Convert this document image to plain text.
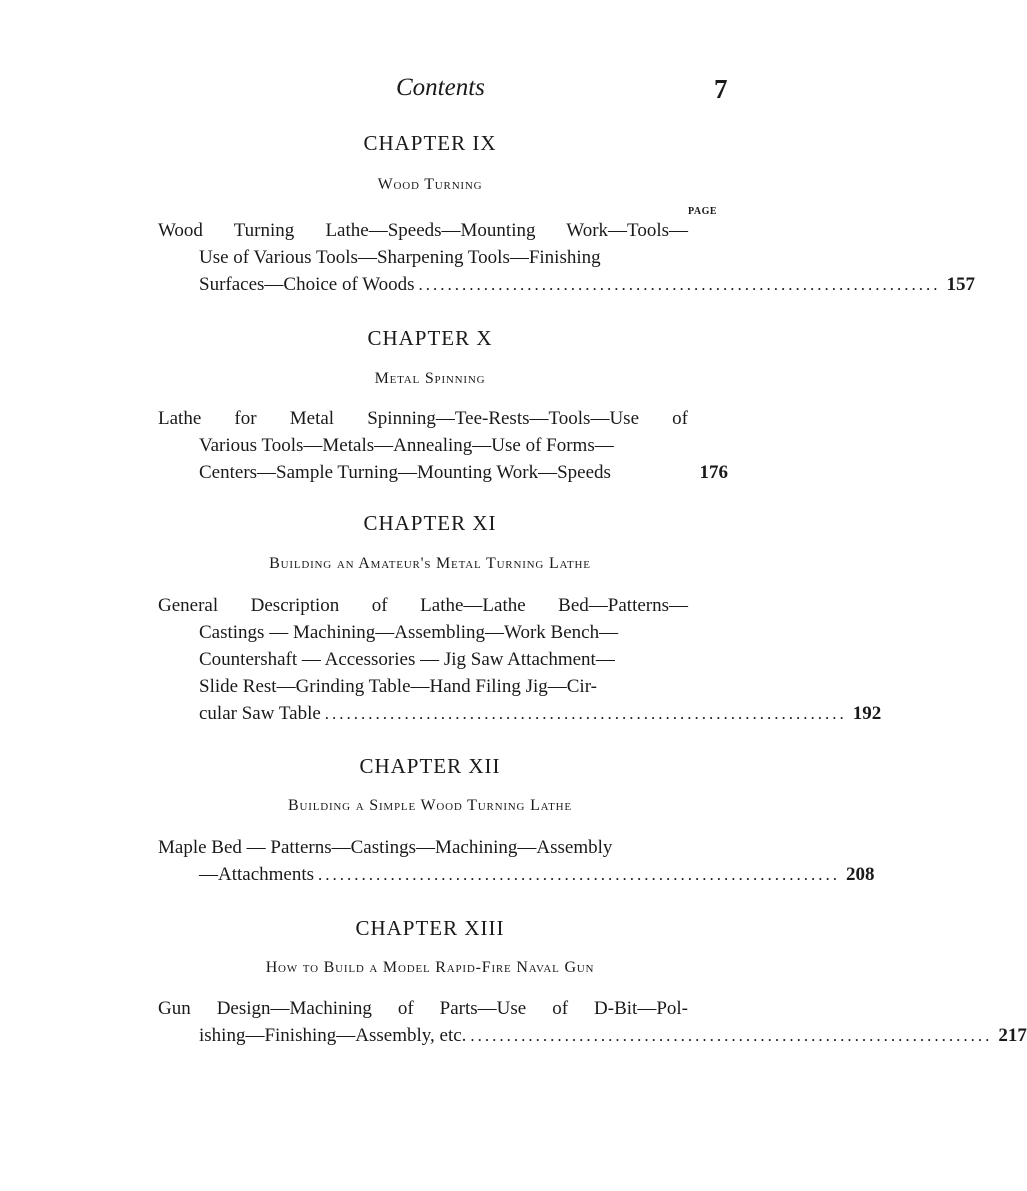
Contents	7
CHAPTER IX
Wood Turning
PAGE
Wood Turning Lathe—Speeds—Mounting Work—Tools—
Use of Various Tools—Sharpening Tools—Finishing
Surfaces—Choice of Woods ........................................................................ 157
CHAPTER X
Metal Spinning
Lathe for Metal Spinning—Tee-Rests—Tools—Use of
Various Tools—Metals—Annealing—Use of Forms—
Centers—Sample Turning—Mounting Work—Speeds	176
CHAPTER XI
Building an Amateur's Metal Turning Lathe
General Description of Lathe—Lathe Bed—Patterns—
Castings — Machining—Assembling—Work Bench—
Countershaft — Accessories — Jig Saw Attachment—
Slide Rest—Grinding Table—Hand Filing Jig—Cir-
cular Saw Table ........................................................................ 192
CHAPTER XII
Building a Simple Wood Turning Lathe
Maple Bed — Patterns—Castings—Machining—Assembly
—Attachments ........................................................................ 208
CHAPTER XIII
How to Build a Model Rapid-Fire Naval Gun
Gun Design—Machining of Parts—Use of D-Bit—Pol-
ishing—Finishing—Assembly, etc. ........................................................................ 217
